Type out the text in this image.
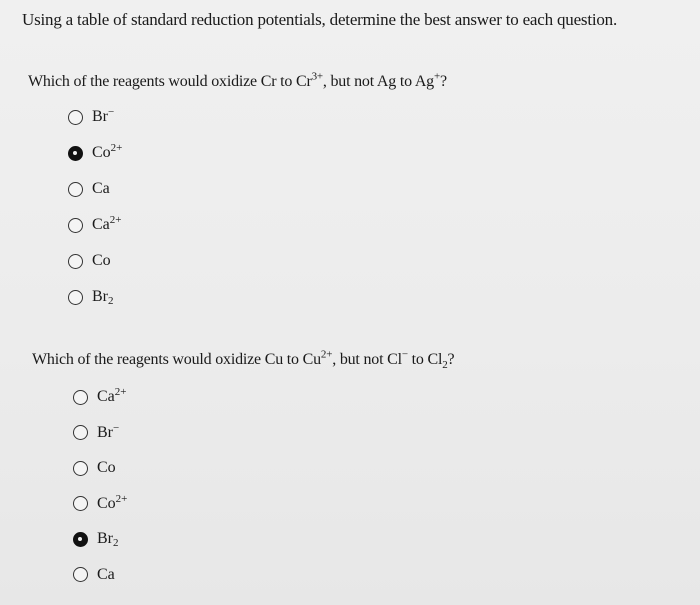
Using a table of standard reduction potentials, determine the best answer to each question.
Which of the reagents would oxidize Cr to $Cr^{3+}$, but not Ag to Ag+?
Br−
$Co^{2+}$
Ca
$Ca^{2+}$
Co
$Br_2$
Which of the reagents would oxidize Cu to $Cu^{2+}$, but not Cl− to $Cl_2$?
$Ca^{2+}$
Br−
Co
$Co^{2+}$
$Br_2$
Ca
